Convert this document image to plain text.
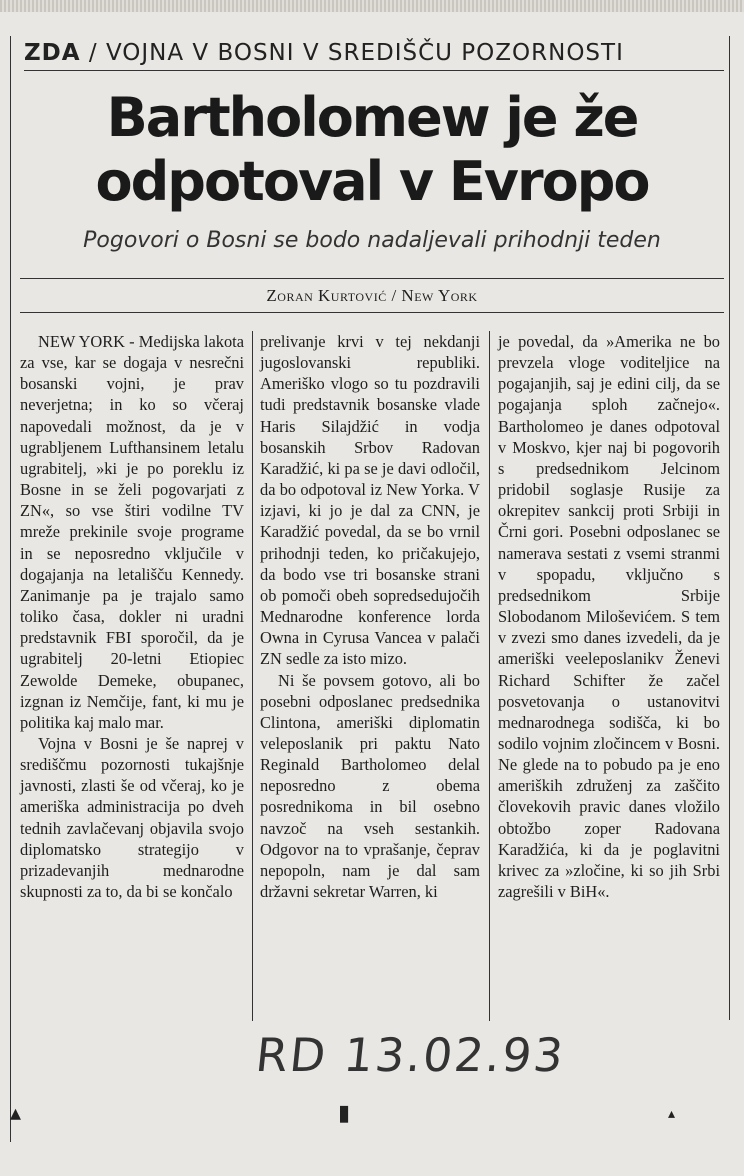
ZDA / VOJNA V BOSNI V SREDIŠČU POZORNOSTI
Bartholomew je že
odpotoval v Evropo
Pogovori o Bosni se bodo nadaljevali prihodnji teden
Zoran Kurtović / New York

NEW YORK - Medijska lakota za vse, kar se dogaja v nesrečni bosanski vojni, je prav neverjetna; in ko so včeraj napovedali možnost, da je v ugrabljenem Lufthansinem letalu ugrabitelj, »ki je po poreklu iz Bosne in se želi pogovarjati z ZN«, so vse štiri vodilne TV mreže prekinile svoje programe in se neposredno vključile v dogajanja na letališču Kennedy. Zanimanje pa je trajalo samo toliko časa, dokler ni uradni predstavnik FBI sporočil, da je ugrabitelj 20-letni Etiopiec Zewolde Demeke, obupanec, izgnan iz Nemčije, fant, ki mu je politika kaj malo mar.

Vojna v Bosni je še naprej v središčmu pozornosti tukajšnje javnosti, zlasti še od včeraj, ko je ameriška administracija po dveh tednih zavlačevanj objavila svojo diplomatsko strategijo v prizadevanjih mednarodne skupnosti za to, da bi se končalo

prelivanje krvi v tej nekdanji jugoslovanski republiki. Ameriško vlogo so tu pozdravili tudi predstavnik bosanske vlade Haris Silajdžić in vodja bosanskih Srbov Radovan Karadžić, ki pa se je davi odločil, da bo odpotoval iz New Yorka. V izjavi, ki jo je dal za CNN, je Karadžić povedal, da se bo vrnil prihodnji teden, ko pričakujejo, da bodo vse tri bosanske strani ob pomoči obeh sopredsedujočih Mednarodne konference lorda Owna in Cyrusa Vancea v palači ZN sedle za isto mizo.

Ni še povsem gotovo, ali bo posebni odposlanec predsednika Clintona, ameriški diplomatin veleposlanik pri paktu Nato Reginald Bartholomeo delal neposredno z obema posrednikoma in bil osebno navzoč na vseh sestankih. Odgovor na to vprašanje, čeprav nepopoln, nam je dal sam državni sekretar Warren, ki

je povedal, da »Amerika ne bo prevzela vloge voditeljice na pogajanjih, saj je edini cilj, da se pogajanja sploh začnejo«. Bartholomeo je danes odpotoval v Moskvo, kjer naj bi pogovorih s predsednikom Jelcinom pridobil soglasje Rusije za okrepitev sankcij proti Srbiji in Črni gori. Posebni odposlanec se namerava sestati z vsemi stranmi v spopadu, vključno s predsednikom Srbije Slobodanom Miloševićem. S tem v zvezi smo danes izvedeli, da je ameriški veeleposlanikv Ženevi Richard Schifter že začel posvetovanja o ustanovitvi mednarodnega sodišča, ki bo sodilo vojnim zločincem v Bosni. Ne glede na to pobudo pa je eno ameriških združenj za zaščito človekovih pravic danes vložilo obtožbo zoper Radovana Karadžića, ki da je poglavitni krivec za »zločine, ki so jih Srbi zagrešili v BiH«.

RD 13.02.93
▴	▮	▴
